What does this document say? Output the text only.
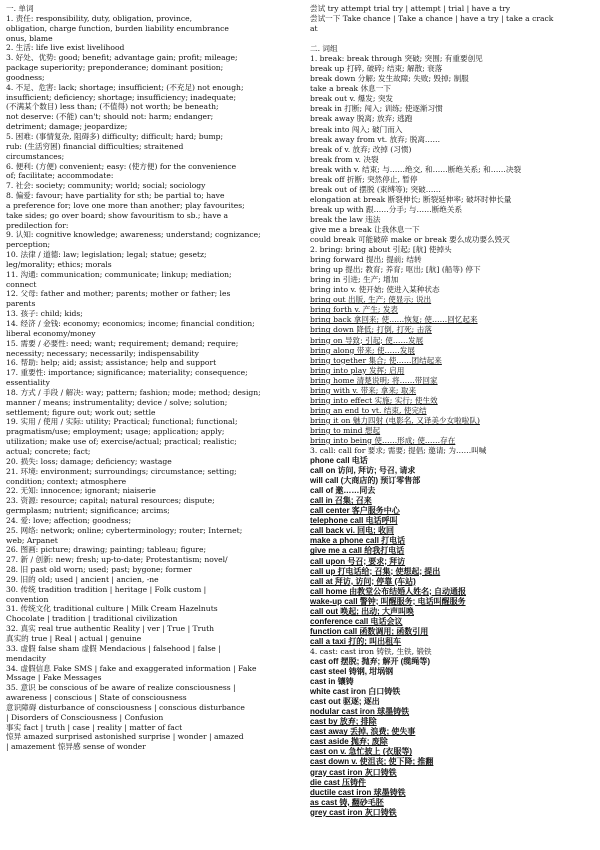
一. 单词
1. 责任: responsibility, duty, obligation, province,
obligation, charge function, burden liability encumbrance
onus, blame
2. 生活: life live exist livelihood
3. 好处、优势: good; benefit; advantage gain; profit; mileage;
package superiority; preponderance; dominant position;
goodness;
4. 不足、危害: lack; shortage; insufficient; (不充足) not enough;
insufficient; deficiency; shortage; insufficiency; inadequate;
(不满某个数目) less than; (不值得) not worth; be beneath;
not deserve: (不能) can't; should not: harm; endanger;
detriment; damage; jeopardize;
5. 困难: (事情复杂, 阻碍多) difficulty; difficult; hard; bump;
rub: (生活穷困) financial difficulties; straitened
circumstances;
6. 便利: (方便) convenient; easy: (使方便) for the convenience
of; facilitate; accommodate:
7. 社会: society; community; world; social; sociology
8. 偏爱: favour; have partiality for sth; be partial to; have
a preference for; love one more than another; play favourites;
take sides; go over board; show favouritism to sb.; have a
predilection for:
9. 认知: cognitive knowledge; awareness; understand; cognizance;
perception;
10. 法律 / 道德: law; legislation; legal; statue; gesetz;
leg/morality; ethics; morals
11. 沟通: communication; communicate; linkup; mediation;
connect
12. 父母: father and mother; parents; mother or father; les
parents
13. 孩子: child; kids;
14. 经济 / 金钱: economy; economics; income; financial condition;
liberal economy/money
15. 需要 / 必要性: need; want; requirement; demand; require;
necessity; necessary; necessarily; indispensability
16. 帮助: help; aid; assist; assistance; help and support
17. 重要性: importance; significance; materiality; consequence;
essentiality
18. 方式 / 手段 / 解决: way; pattern; fashion; mode; method; design;
manner / means; instrumentality; device / solve; solution;
settlement; figure out; work out; settle
19. 实用 / 使用 / 实际: utility; Practical; functional; functional;
pragmatism/use; employment; usage; application; apply;
utilization; make use of; exercise/actual; practical; realistic;
actual; concrete; fact;
20. 损失: loss; damage; deficiency; wastage
21. 环境: environment; surroundings; circumstance; setting;
condition; context; atmosphere
22. 无知: innocence; ignorant; niaiserie
23. 资源: resource; capital; natural resources; dispute;
germplasm; nutrient; significance; arcims;
24. 爱: love; affection; goodness;
25. 网络: network; online; cyberterminology; router; Internet;
web; Arpanet
26. 图画: picture; drawing; painting; tableau; figure;
27. 新 / 创新: new; fresh; up-to-date; Protestantism; novel/
28. 旧 past old worn; used; past; bygone; former
29. 旧的 old; used | ancient | ancien, -ne
30. 传统 tradition tradition | heritage | Folk custom |
convention
31. 传统文化 traditional culture | Milk Cream Hazelnuts
Chocolate | tradition | traditional civilization
32. 真实 real true authentic Reality | ver | True | Truth
真实的 true | Real | actual | genuine
33. 虚假 false sham 虚假 Mendacious | falsehood | false |
mendacity
34. 虚假信息 Fake SMS | fake and exaggerated information | Fake
Mssage | Fake Messages
35. 意识 be conscious of be aware of realize consciousness |
awareness | conscious | State of consciousness
意识障碍 disturbance of consciousness | conscious disturbance
| Disorders of Consciousness | Confusion
事实 fact | truth | case | reality | matter of fact
惊异 amazed surprised astonished surprise | wonder | amazed
| amazement 惊异感 sense of wonder
尝试 try attempt trial try | attempt | trial | have a try
尝试一下 Take chance | Take a chance | have a try | take a crack
at
二. 词组
1. break: break through 突破; 突围; 有重要创见
break up 打碎, 破碎; 结束; 解散; 衰落
break down 分解; 发生故障; 失败; 毁掉; 制服
take a break 休息一下
break out v. 爆发; 突发
break in 打断; 闯入; 训练; 使逐渐习惯
break away 脱离; 放弃; 逃跑
break into 闯入; 破门而入
break away from vt. 放弃; 脱离……
break of v. 放弃; 改掉 (习惯)
break from v. 决裂
break with v. 结束; 与……绝交, 和……断绝关系; 和……决裂
break off 折断; 突然停止, 暂停
break out of 摆脱 (束缚等); 突破……
elongation at break 断裂伸长; 断裂延伸率; 破坏时伸长量
break up with 跟……分手; 与……断绝关系
break the law 违法
give me a break 让我休息一下
could break 可能破碎 make or break 要么成功要么毁灭
2. bring: bring about 引起; [航] 使掉头
bring forward 提出; 提前; 结转
bring up 提出; 教育; 养育; 呕出; [航] (船等) 停下
bring in 引进; 生产; 增加
bring into v. 使开始; 使进入某种状态
bring out 出版, 生产; 使显示; 说出
bring forth v. 产生; 发表
bring back 拿回来; 使……恢复; 使……回忆起来
bring down 降低; 打倒, 打死; 击落
bring on 导致; 引起; 使……发展
bring along 带来; 使……发展
bring together 集合; 使……团结起来
bring into play 发挥; 启用
bring home 清楚说明; 将……带回家
bring with v. 带来; 拿来; 取来
bring into effect 实施; 实行; 使生效
bring an end to vt. 结束, 使完结
bring it on 魅力四射 (电影名, 又译美少女啦啦队)
bring to mind 想起
bring into being 使……形成; 使……存在
3. call: call for 要求; 需要; 提倡; 邀请; 为……叫喊
phone call 电话
call on 访问, 拜访; 号召, 请求
will call (大商店的) 预订零售部
call of 邀……同去
call in 召集; 召来
call center 客户服务中心
telephone call 电话呼叫
call back vi. 回电; 收回
make a phone call 打电话
give me a call 给我打电话
call upon 号召; 要求; 拜访
call up 打电话给; 召集; 使想起; 提出
call at 拜访, 访问; 停靠 (车站)
call home 由教堂公布结婚人姓名; 自动通报
wake-up call 警钟; 叫醒服务; 电话叫醒服务
call out 唤起; 出动; 大声叫唤
conference call 电话会议
function call 函数调用; 函数引用
call a taxi 打的; 叫出租车
4. cast: cast iron 铸铁, 生铁, 锻铁
cast off 摆脱; 抛弃; 解开 (缆绳等)
cast steel 铸钢, 坩埚钢
cast in 镶铸
white cast iron 白口铸铁
cast out 驱逐; 逐出
nodular cast iron 球墨铸铁
cast by 放弃; 排除
cast away 丢掉, 浪费; 使失事
cast aside 抛弃; 废除
cast on v. 急忙披上 (衣服等)
cast down v. 使沮丧; 使下降; 推翻
gray cast iron 灰口铸铁
die cast 压铸件
ductile cast iron 球墨铸铁
as cast 铸, 翻砂毛胚
grey cast iron 灰口铸铁
